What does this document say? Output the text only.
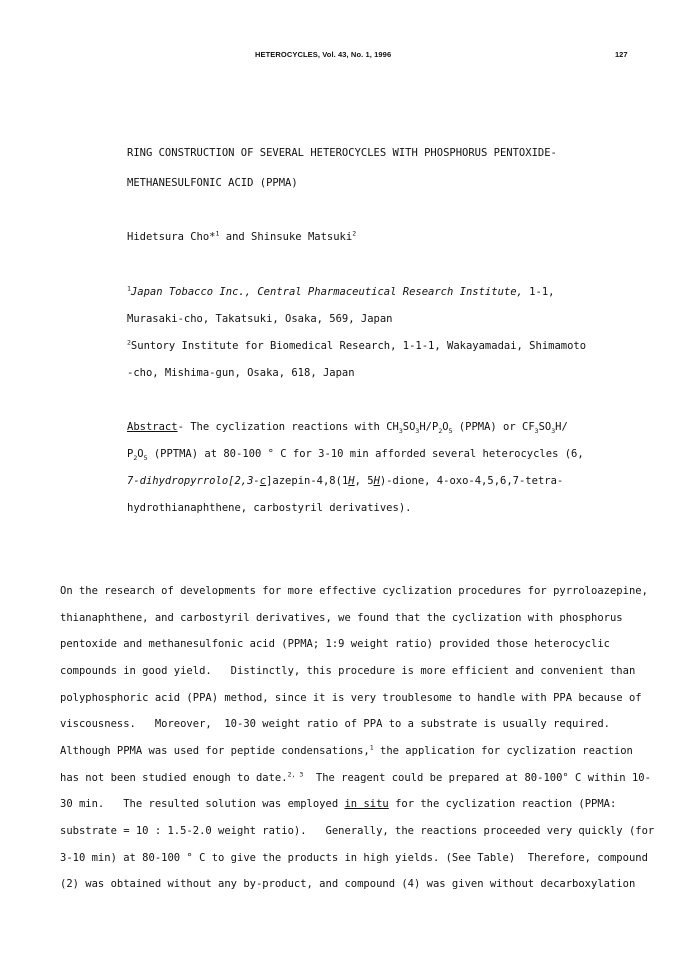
HETEROCYCLES, Vol. 43, No. 1, 1996	127
RING CONSTRUCTION OF SEVERAL HETEROCYCLES WITH PHOSPHORUS PENTOXIDE-
METHANESULFONIC ACID (PPMA)
Hidetsura Cho*$^1$ and Shinsuke Matsuki$^2$
$^1$Japan Tobacco Inc., Central Pharmaceutical Research Institute, 1-1,
Murasaki-cho, Takatsuki, Osaka, 569, Japan
$^2$Suntory Institute for Biomedical Research, 1-1-1, Wakayamadai, Shimamoto
-cho, Mishima-gun, Osaka, 618, Japan
Abstract- The cyclization reactions with $CH_3SO_3H/P_2O_5$ (PPMA) or $CF_3SO_3H/$
$P_2O_5$ (PPTMA) at 80-100 ° C for 3-10 min afforded several heterocycles (6,
7-dihydropyrrolo[2,3-c]azepin-4,8(1H, 5H)-dione, 4-oxo-4,5,6,7-tetra-
hydrothianaphthene, carbostyril derivatives).
On the research of developments for more effective cyclization procedures for pyrroloazepine,
thianaphthene, and carbostyril derivatives, we found that the cyclization with phosphorus
pentoxide and methanesulfonic acid (PPMA; 1:9 weight ratio) provided those heterocyclic
compounds in good yield.   Distinctly, this procedure is more efficient and convenient than
polyphosphoric acid (PPA) method, since it is very troublesome to handle with PPA because of
viscousness.   Moreover,  10-30 weight ratio of PPA to a substrate is usually required.
Although PPMA was used for peptide condensations,$^1$ the application for cyclization reaction
has not been studied enough to date.$^{2, 3}$  The reagent could be prepared at 80-100° C within 10-
30 min.   The resulted solution was employed in situ for the cyclization reaction (PPMA:
substrate = 10 : 1.5-2.0 weight ratio).   Generally, the reactions proceeded very quickly (for
3-10 min) at 80-100 ° C to give the products in high yields. (See Table)  Therefore, compound
(2) was obtained without any by-product, and compound (4) was given without decarboxylation
